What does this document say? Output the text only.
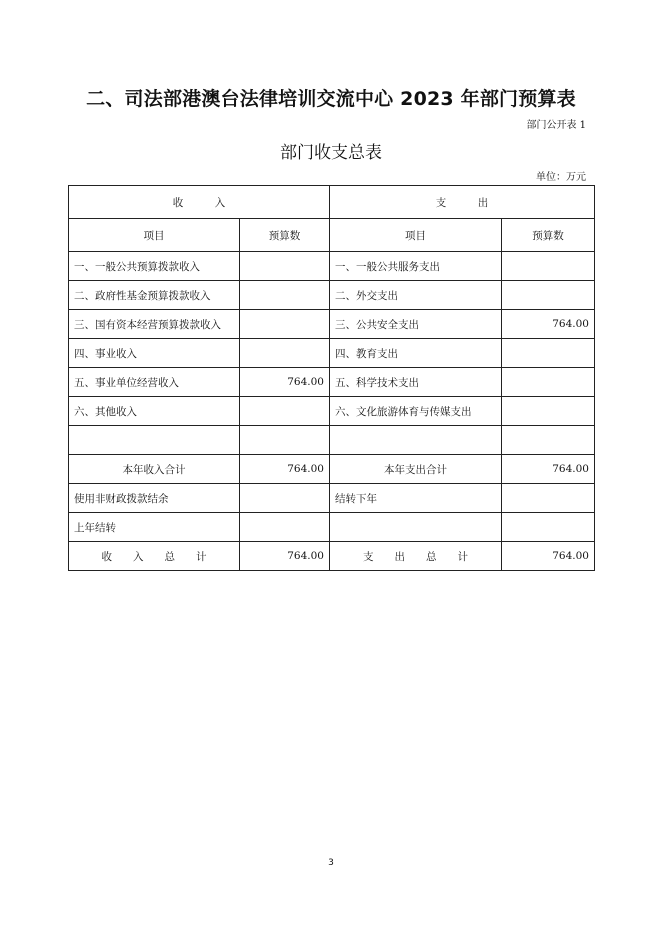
二、司法部港澳台法律培训交流中心 2023 年部门预算表
部门公开表 1
部门收支总表
单位：万元
收　　　入		支　　　出	
项目	预算数	项目	预算数
一、一般公共预算拨款收入		一、一般公共服务支出	
二、政府性基金预算拨款收入		二、外交支出	
三、国有资本经营预算拨款收入		三、公共安全支出	764.00
四、事业收入		四、教育支出	
五、事业单位经营收入	764.00	五、科学技术支出	
六、其他收入		六、文化旅游体育与传媒支出	

本年收入合计	764.00	本年支出合计	764.00
使用非财政拨款结余		结转下年	
上年结转			
收　　入　　总　　计	764.00	支　　出　　总　　计	764.00
3
